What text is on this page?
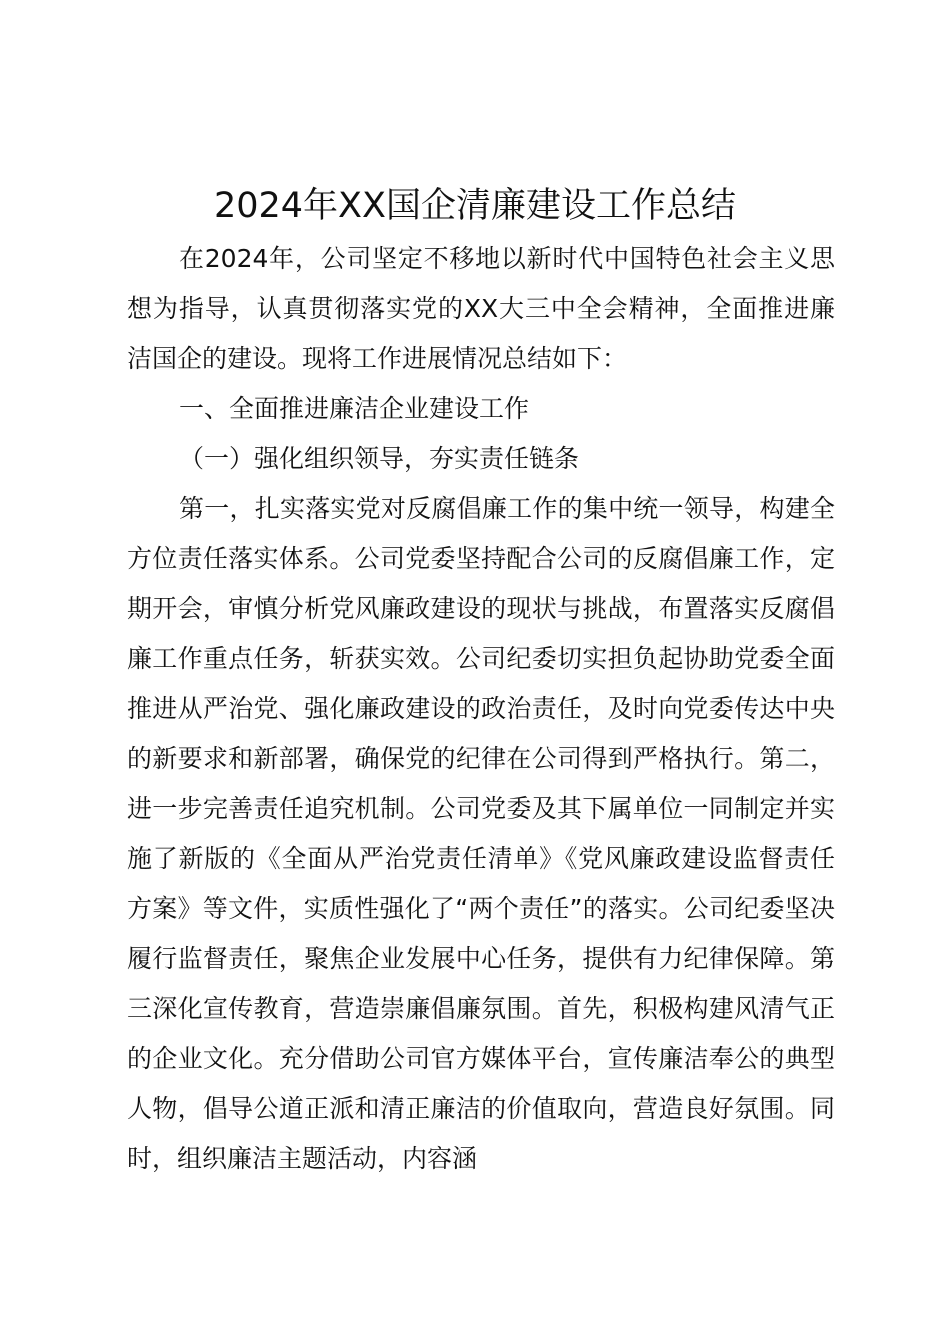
2024年XX国企清廉建设工作总结

在2024年，公司坚定不移地以新时代中国特色社会主义思想为指导，认真贯彻落实党的XX大三中全会精神，全面推进廉洁国企的建设。现将工作进展情况总结如下：

一、全面推进廉洁企业建设工作

（一）强化组织领导，夯实责任链条

第一，扎实落实党对反腐倡廉工作的集中统一领导，构建全方位责任落实体系。公司党委坚持配合公司的反腐倡廉工作，定期开会，审慎分析党风廉政建设的现状与挑战，布置落实反腐倡廉工作重点任务，斩获实效。公司纪委切实担负起协助党委全面推进从严治党、强化廉政建设的政治责任，及时向党委传达中央的新要求和新部署，确保党的纪律在公司得到严格执行。第二，进一步完善责任追究机制。公司党委及其下属单位一同制定并实施了新版的《全面从严治党责任清单》《党风廉政建设监督责任方案》等文件，实质性强化了“两个责任”的落实。公司纪委坚决履行监督责任，聚焦企业发展中心任务，提供有力纪律保障。第三深化宣传教育，营造崇廉倡廉氛围。首先，积极构建风清气正的企业文化。充分借助公司官方媒体平台，宣传廉洁奉公的典型人物，倡导公道正派和清正廉洁的价值取向，营造良好氛围。同时，组织廉洁主题活动，内容涵
